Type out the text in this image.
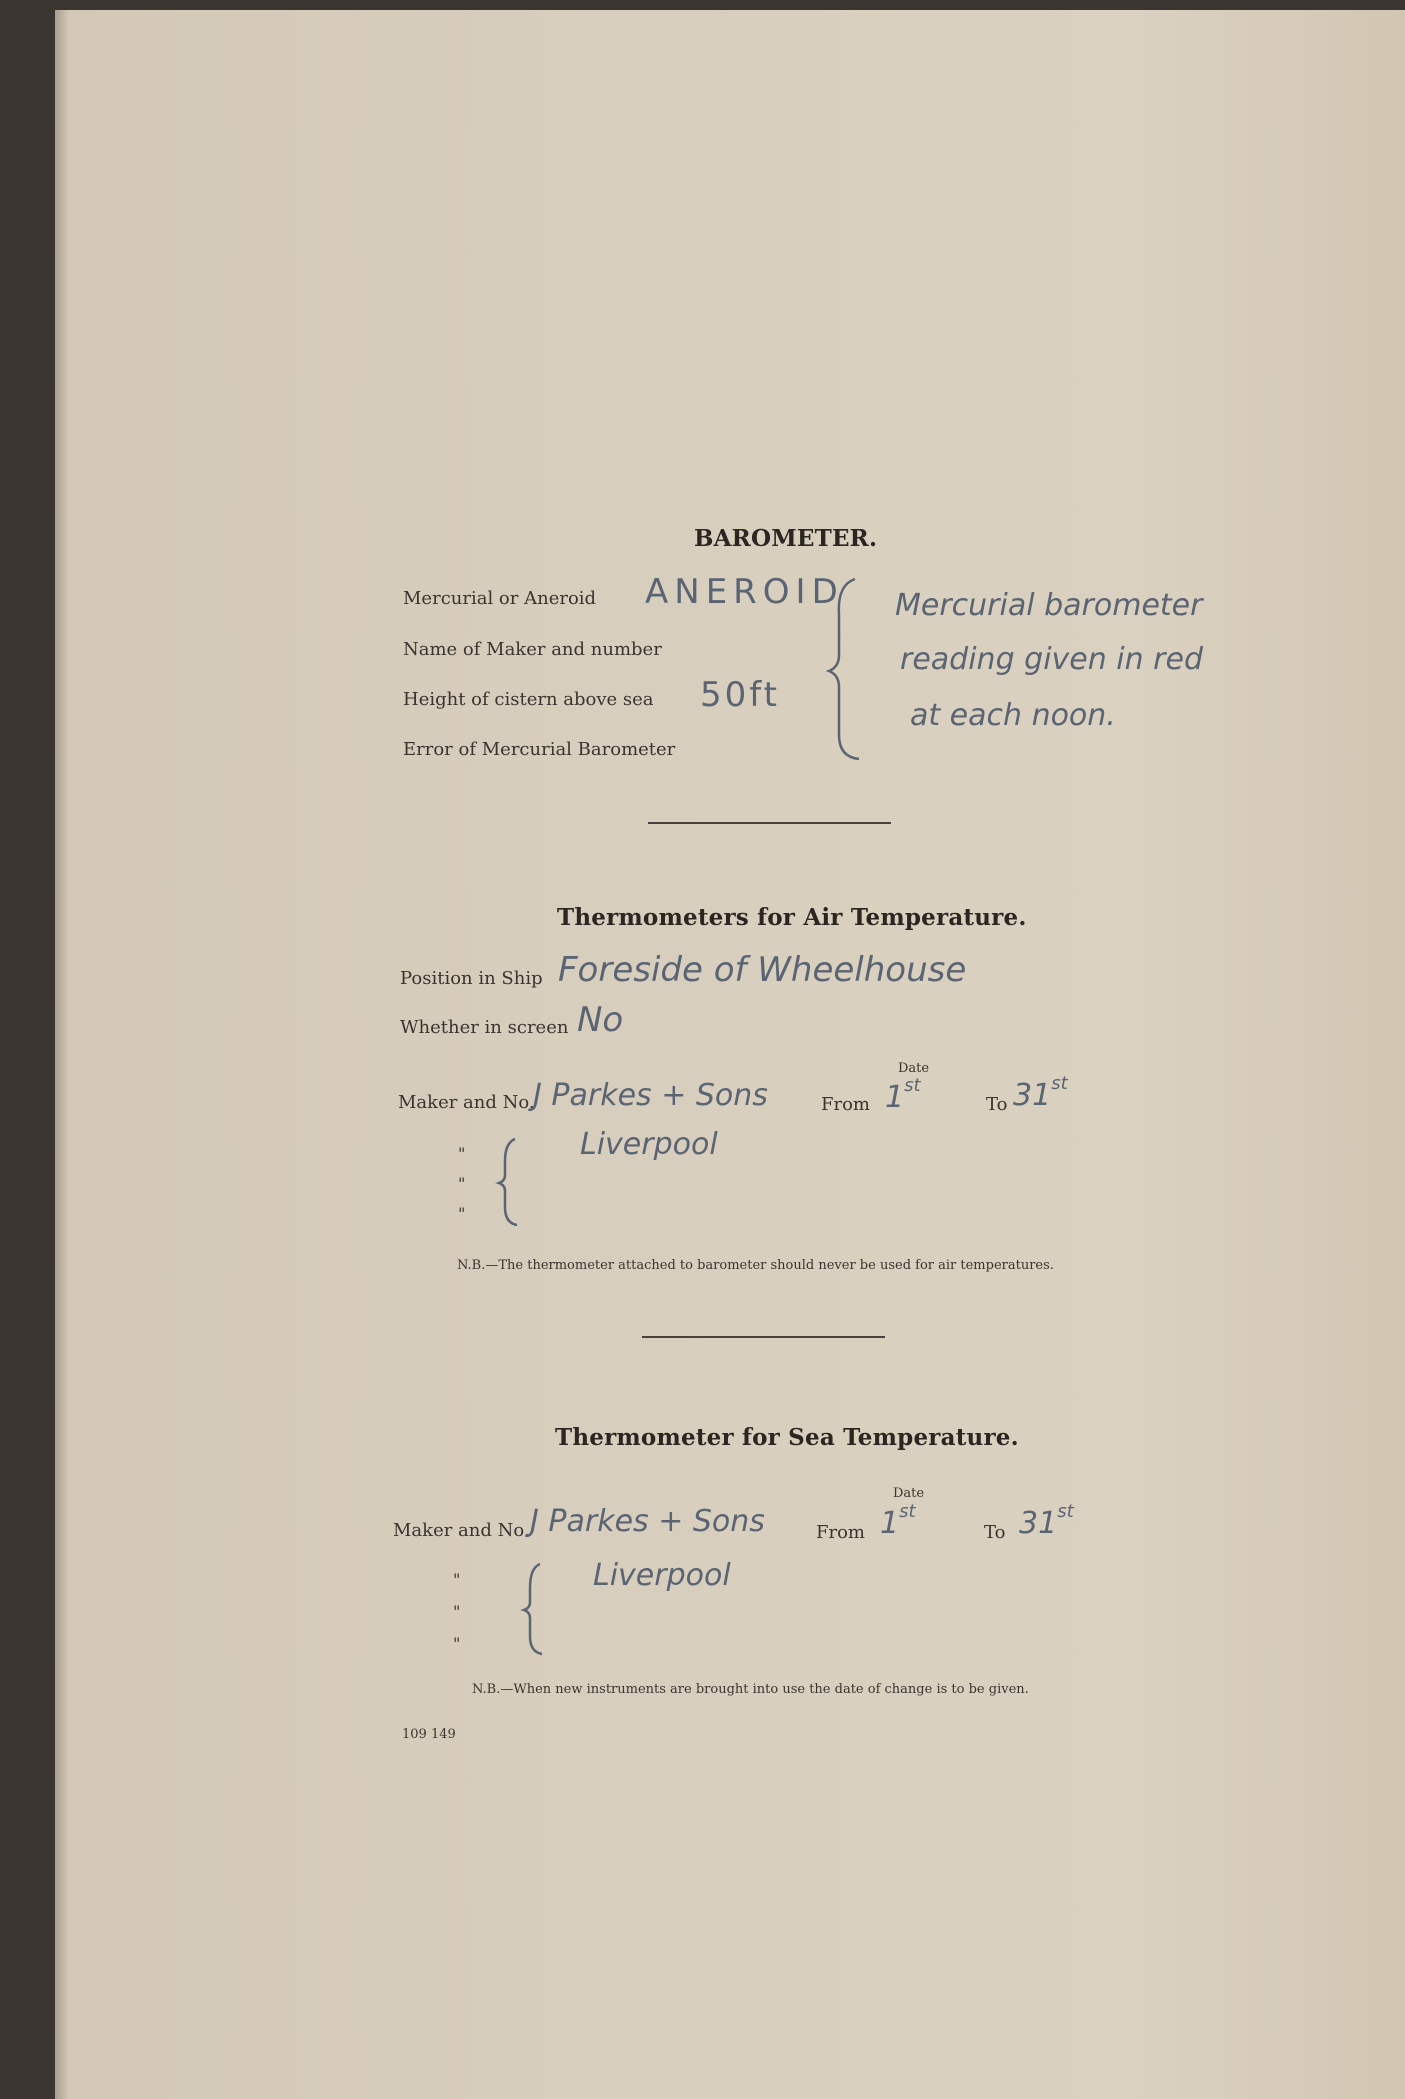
BAROMETER.
Mercurial or Aneroid ANEROID
Name of Maker and number
Height of cistern above sea 50ft
Error of Mercurial Barometer
Mercurial barometer
reading given in red
at each noon.
Thermometers for Air Temperature.
Position in Ship Foreside of Wheelhouse
Whether in screen No
Date
Maker and No.
J Parkes + Sons
Liverpool
From 1st
To 31st
"
"
"
N.B.—The thermometer attached to barometer should never be used for air temperatures.
Thermometer for Sea Temperature.
Date
Maker and No. J Parkes + Sons
Liverpool
From 1st
To 31st
"
"
"
N.B.—When new instruments are brought into use the date of change is to be given.
109 149
